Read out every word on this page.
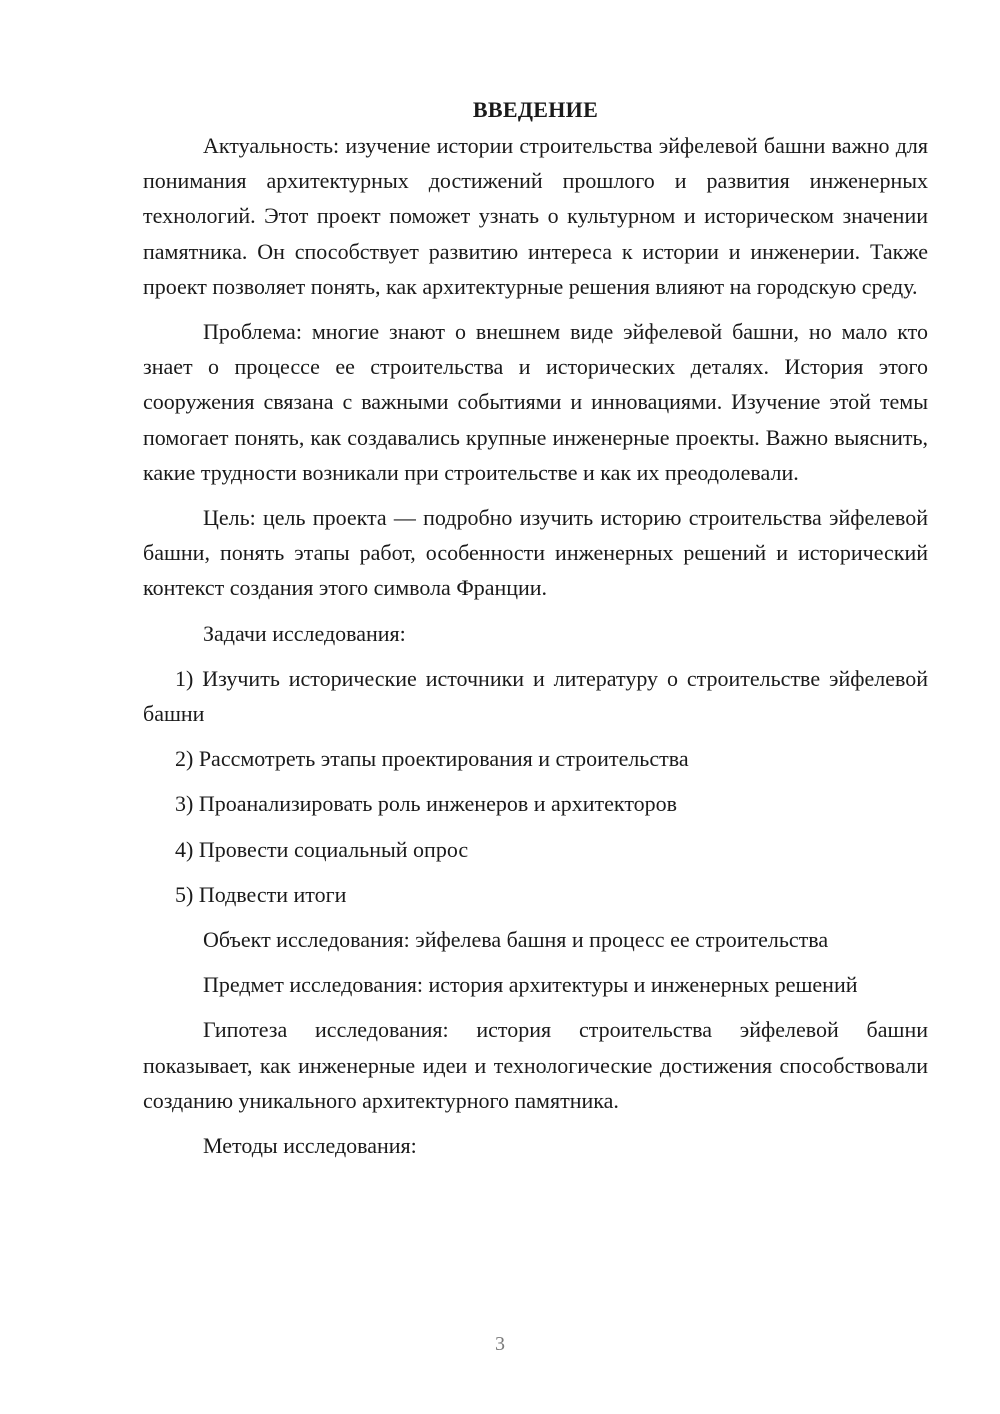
ВВЕДЕНИЕ

Актуальность: изучение истории строительства эйфелевой башни важно для понимания архитектурных достижений прошлого и развития инженерных технологий. Этот проект поможет узнать о культурном и историческом значении памятника. Он способствует развитию интереса к истории и инженерии. Также проект позволяет понять, как архитектурные решения влияют на городскую среду.

Проблема: многие знают о внешнем виде эйфелевой башни, но мало кто знает о процессе ее строительства и исторических деталях. История этого сооружения связана с важными событиями и инновациями. Изучение этой темы помогает понять, как создавались крупные инженерные проекты. Важно выяснить, какие трудности возникали при строительстве и как их преодолевали.

Цель: цель проекта — подробно изучить историю строительства эйфелевой башни, понять этапы работ, особенности инженерных решений и исторический контекст создания этого символа Франции.

Задачи исследования:

1) Изучить исторические источники и литературу о строительстве эйфелевой башни

2) Рассмотреть этапы проектирования и строительства

3) Проанализировать роль инженеров и архитекторов

4) Провести социальный опрос

5) Подвести итоги

Объект исследования: эйфелева башня и процесс ее строительства

Предмет исследования: история архитектуры и инженерных решений

Гипотеза исследования: история строительства эйфелевой башни показывает, как инженерные идеи и технологические достижения способствовали созданию уникального архитектурного памятника.

Методы исследования:

3
